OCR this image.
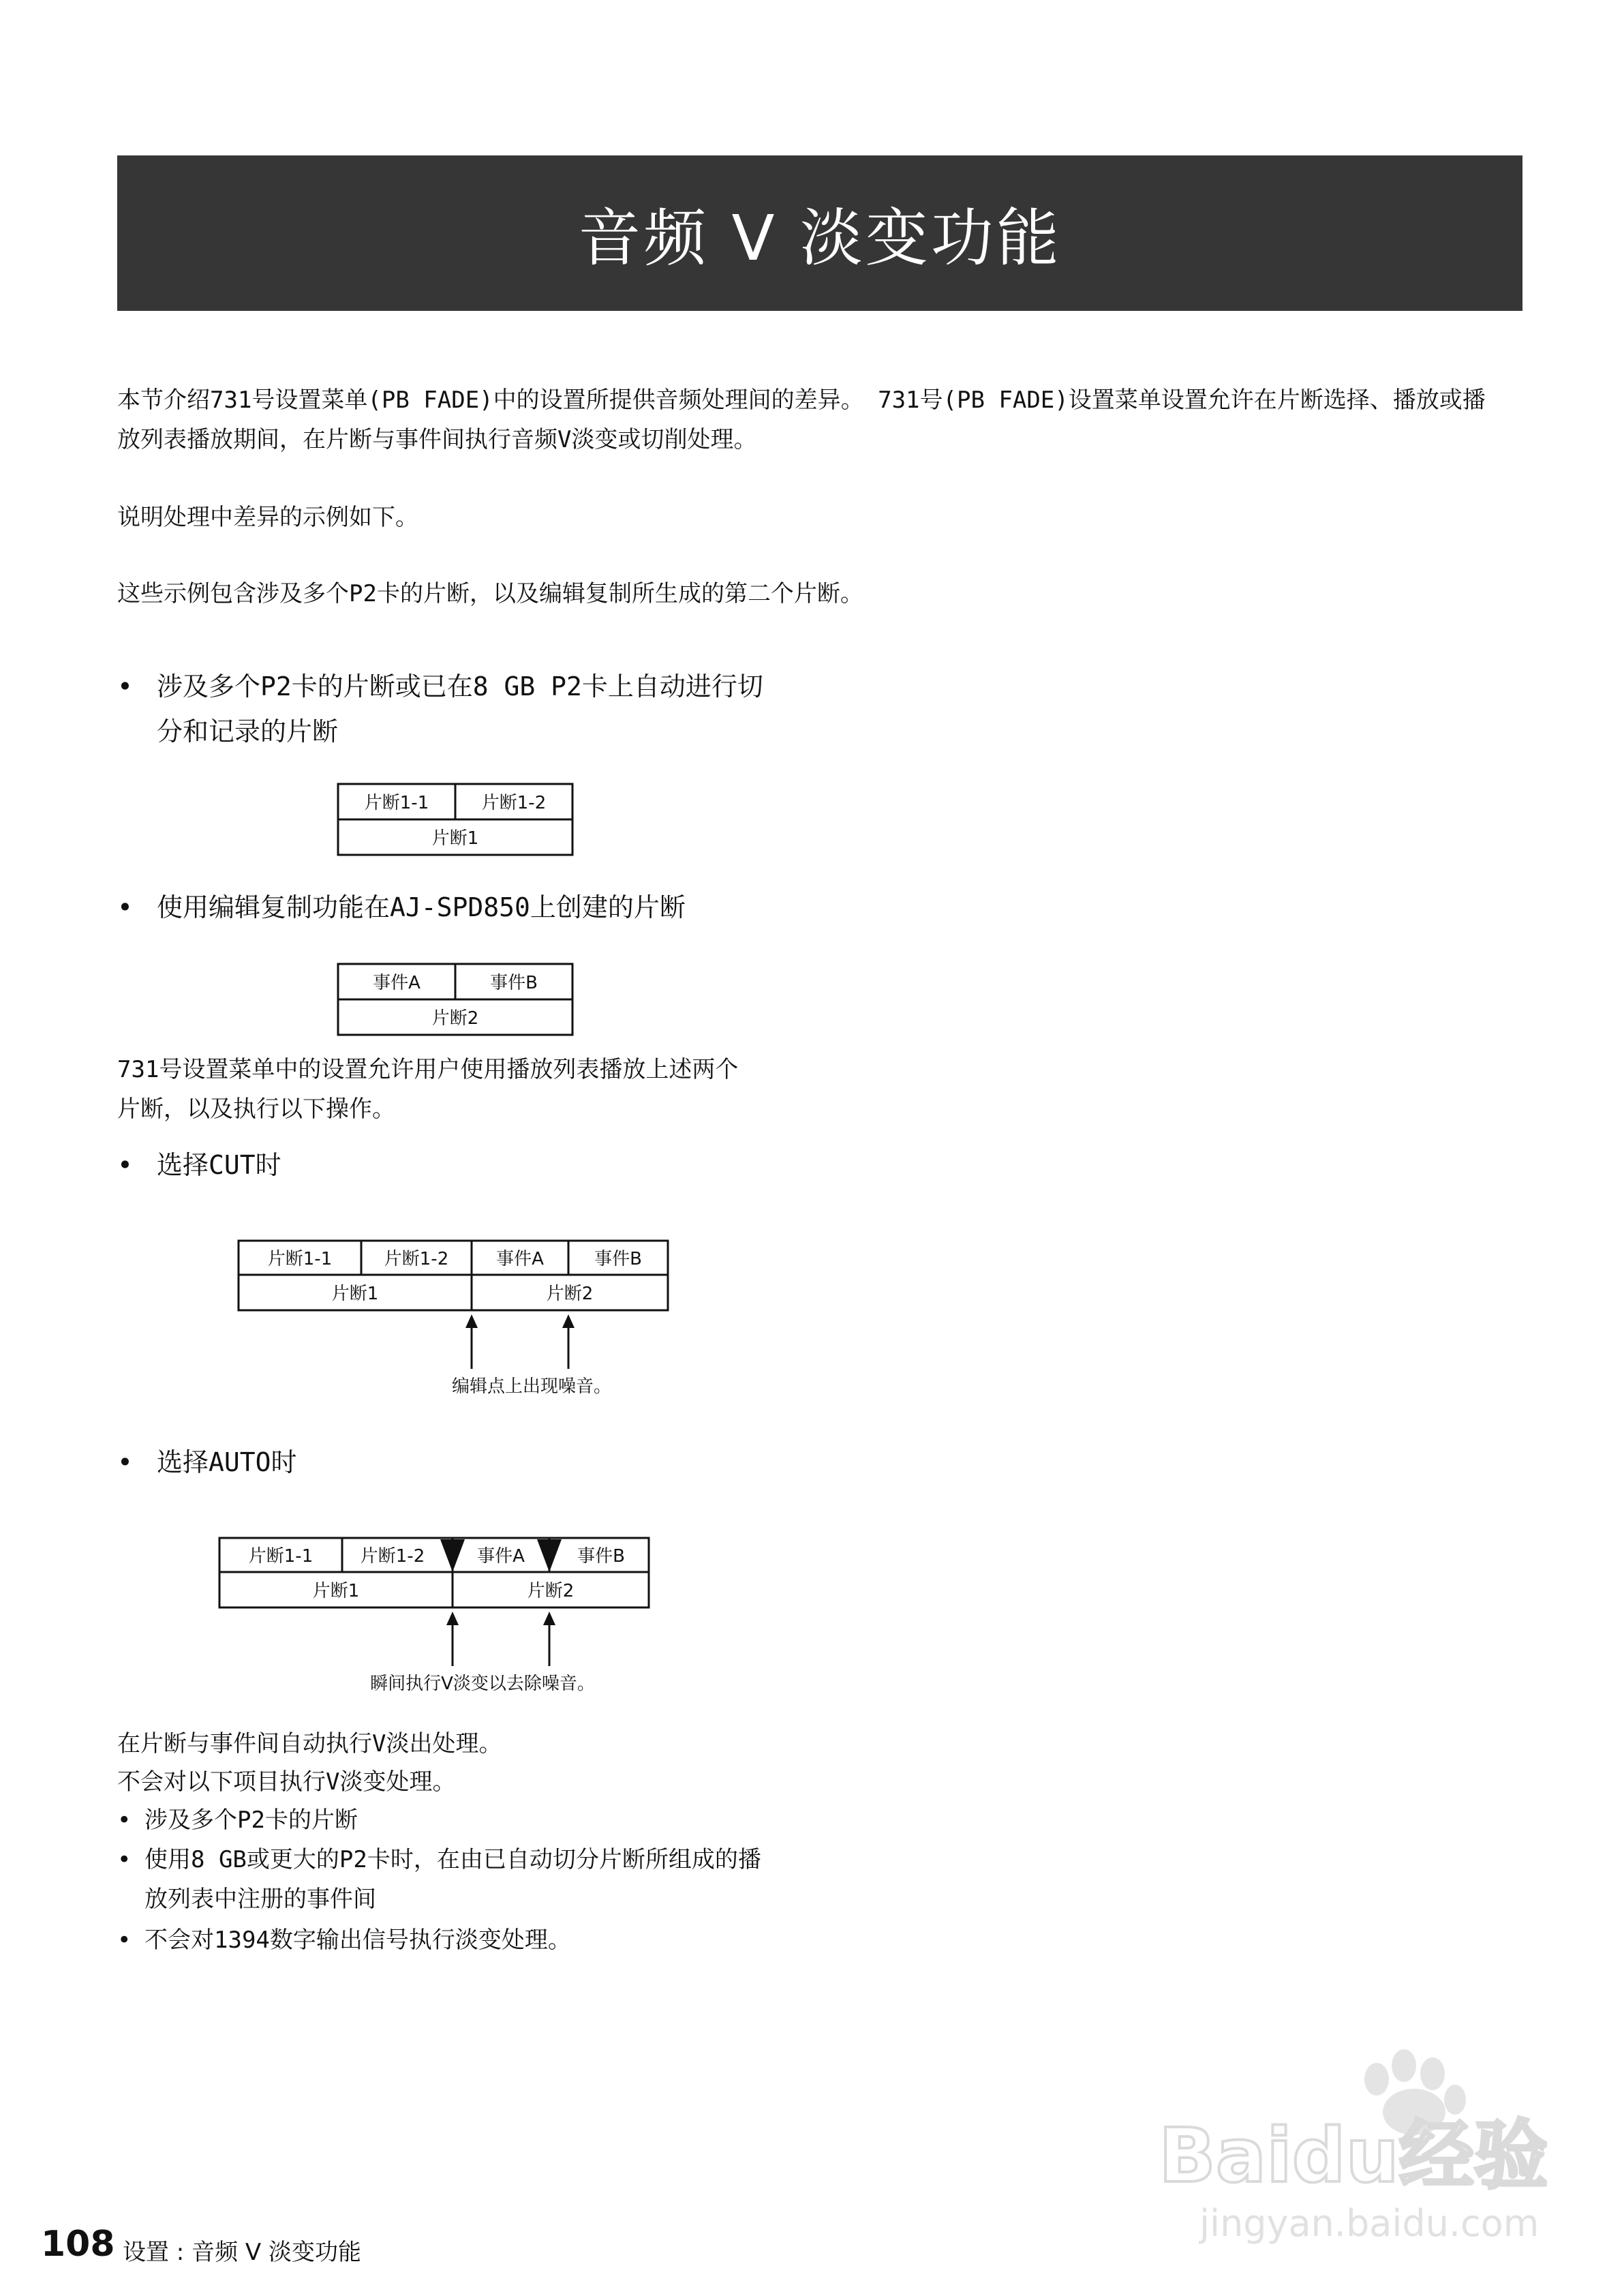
音频 V 淡变功能

本节介绍731号设置菜单(PB FADE)中的设置所提供音频处理间的差异。 731号(PB FADE)设置菜单设置允许在片断选择、播放或播
放列表播放期间，在片断与事件间执行音频V淡变或切削处理。

说明处理中差异的示例如下。

这些示例包含涉及多个P2卡的片断，以及编辑复制所生成的第二个片断。

• 涉及多个P2卡的片断或已在8 GB P2卡上自动进行切
分和记录的片断
片断1-1	片断1-2
片断1
• 使用编辑复制功能在AJ-SPD850上创建的片断
事件A	事件B
片断2

731号设置菜单中的设置允许用户使用播放列表播放上述两个
片断，以及执行以下操作。

• 选择CUT时
片断1-1	片断1-2	事件A	事件B
片断1	片断2
编辑点上出现噪音。
• 选择AUTO时
片断1-1	片断1-2	事件A	事件B
片断1	片断2
瞬间执行V淡变以去除噪音。
在片断与事件间自动执行V淡出处理。
不会对以下项目执行V淡变处理。
• 涉及多个P2卡的片断
• 使用8 GB或更大的P2卡时，在由已自动切分片断所组成的播
放列表中注册的事件间
• 不会对1394数字输出信号执行淡变处理。
Baidu经验
jingyan.baidu.com
108 设置 : 音频 V 淡变功能
